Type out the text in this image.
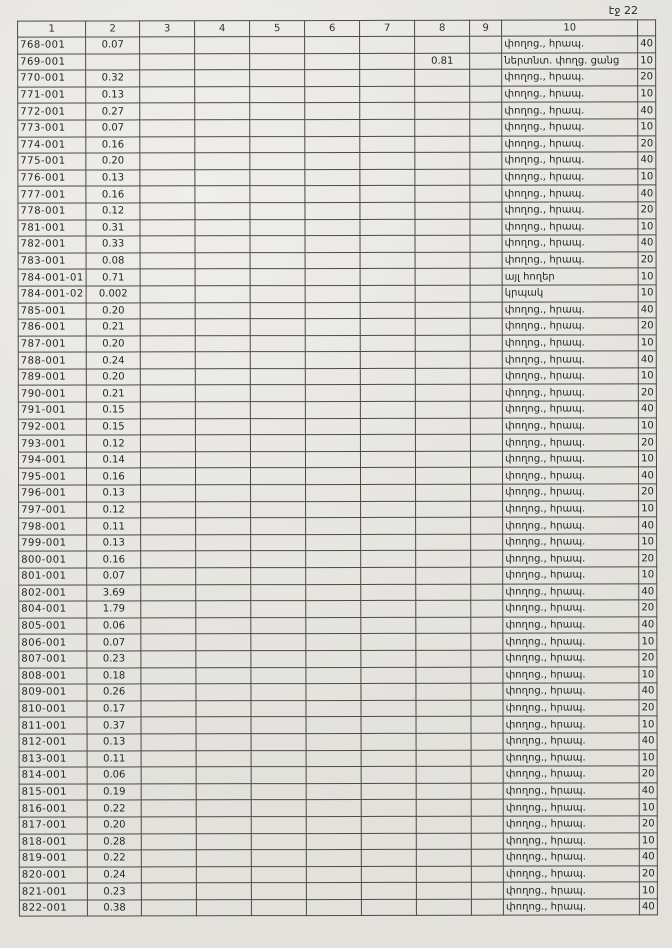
էջ 22
1	2	3	4	5	6	7	8	9	10	
768-001	0.07								փողոց., հրապ.	40
769-001							0.81		ներտնտ. փողց. ցանց	10
770-001	0.32								փողոց., հրապ.	20
771-001	0.13								փողոց., հրապ.	10
772-001	0.27								փողոց., հրապ.	40
773-001	0.07								փողոց., հրապ.	10
774-001	0.16								փողոց., հրապ.	20
775-001	0.20								փողոց., հրապ.	40
776-001	0.13								փողոց., հրապ.	10
777-001	0.16								փողոց., հրապ.	40
778-001	0.12								փողոց., հրապ.	20
781-001	0.31								փողոց., հրապ.	10
782-001	0.33								փողոց., հրապ.	40
783-001	0.08								փողոց., հրապ.	20
784-001-01	0.71								այլ հողեր	10
784-001-02	0.002								կրպակ	10
785-001	0.20								փողոց., հրապ.	40
786-001	0.21								փողոց., հրապ.	20
787-001	0.20								փողոց., հրապ.	10
788-001	0.24								փողոց., հրապ.	40
789-001	0.20								փողոց., հրապ.	10
790-001	0.21								փողոց., հրապ.	20
791-001	0.15								փողոց., հրապ.	40
792-001	0.15								փողոց., հրապ.	10
793-001	0.12								փողոց., հրապ.	20
794-001	0.14								փողոց., հրապ.	10
795-001	0.16								փողոց., հրապ.	40
796-001	0.13								փողոց., հրապ.	20
797-001	0.12								փողոց., հրապ.	10
798-001	0.11								փողոց., հրապ.	40
799-001	0.13								փողոց., հրապ.	10
800-001	0.16								փողոց., հրապ.	20
801-001	0.07								փողոց., հրապ.	10
802-001	3.69								փողոց., հրապ.	40
804-001	1.79								փողոց., հրապ.	20
805-001	0.06								փողոց., հրապ.	40
806-001	0.07								փողոց., հրապ.	10
807-001	0.23								փողոց., հրապ.	20
808-001	0.18								փողոց., հրապ.	10
809-001	0.26								փողոց., հրապ.	40
810-001	0.17								փողոց., հրապ.	20
811-001	0.37								փողոց., հրապ.	10
812-001	0.13								փողոց., հրապ.	40
813-001	0.11								փողոց., հրապ.	10
814-001	0.06								փողոց., հրապ.	20
815-001	0.19								փողոց., հրապ.	40
816-001	0.22								փողոց., հրապ.	10
817-001	0.20								փողոց., հրապ.	20
818-001	0.28								փողոց., հրապ.	10
819-001	0.22								փողոց., հրապ.	40
820-001	0.24								փողոց., հրապ.	20
821-001	0.23								փողոց., հրապ.	10
822-001	0.38								փողոց., հրապ.	40
